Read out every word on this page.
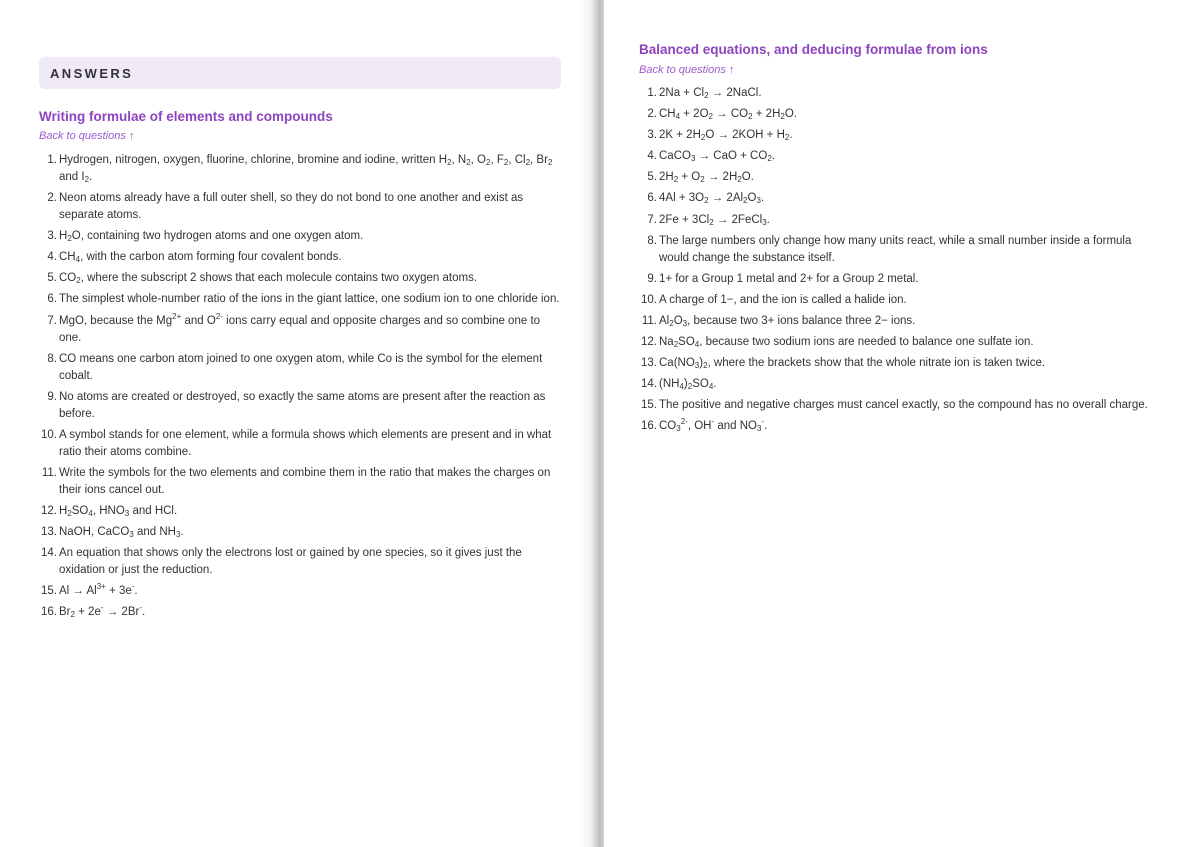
ANSWERS
Writing formulae of elements and compounds
Back to questions ↑
1. Hydrogen, nitrogen, oxygen, fluorine, chlorine, bromine and iodine, written $H_2$, $N_2$, $O_2$, $F_2$, $Cl_2$, $Br_2$ and $I_2$.
2. Neon atoms already have a full outer shell, so they do not bond to one another and exist as separate atoms.
3. $H_2O$, containing two hydrogen atoms and one oxygen atom.
4. $CH_4$, with the carbon atom forming four covalent bonds.
5. $CO_2$, where the subscript 2 shows that each molecule contains two oxygen atoms.
6. The simplest whole-number ratio of the ions in the giant lattice, one sodium ion to one chloride ion.
7. MgO, because the $Mg^{2+}$ and $O^{2-}$ ions carry equal and opposite charges and so combine one to one.
8. CO means one carbon atom joined to one oxygen atom, while Co is the symbol for the element cobalt.
9. No atoms are created or destroyed, so exactly the same atoms are present after the reaction as before.
10. A symbol stands for one element, while a formula shows which elements are present and in what ratio their atoms combine.
11. Write the symbols for the two elements and combine them in the ratio that makes the charges on their ions cancel out.
12. $H_2SO_4$, $HNO_3$ and HCl.
13. NaOH, CaCO$_3$ and $NH_3$.
14. An equation that shows only the electrons lost or gained by one species, so it gives just the oxidation or just the reduction.
15. $Al \to Al^{3+} + 3e^-$.
16. $Br_2 + 2e^- \to 2Br^-$.
Balanced equations, and deducing formulae from ions
Back to questions ↑
1. $2Na + Cl_2$ → 2NaCl.
2. $CH_4 + 2O_2 \to CO_2 + 2H_2O$.
3. $2K + 2H_2O \to 2KOH + H_2$.
4. CaCO$_3$ → CaO + $CO_2$.
5. $2H_2 + O_2 \to 2H_2O$.
6. $4Al + 3O_2 \to 2Al_2O_3$.
7. $2Fe + 3Cl_2$ → 2FeCl$_3$.
8. The large numbers only change how many units react, while a small number inside a formula would change the substance itself.
9. 1+ for a Group 1 metal and 2+ for a Group 2 metal.
10. A charge of 1−, and the ion is called a halide ion.
11. $Al_2O_3$, because two 3+ ions balance three 2− ions.
12. $Na_2SO_4$, because two sodium ions are needed to balance one sulfate ion.
13. $Ca(NO_3)_2$, where the brackets show that the whole nitrate ion is taken twice.
14. $(NH_4)_2SO_4$.
15. The positive and negative charges must cancel exactly, so the compound has no overall charge.
16. $CO_3^{2-}$, OH- and $NO_3^-$.
